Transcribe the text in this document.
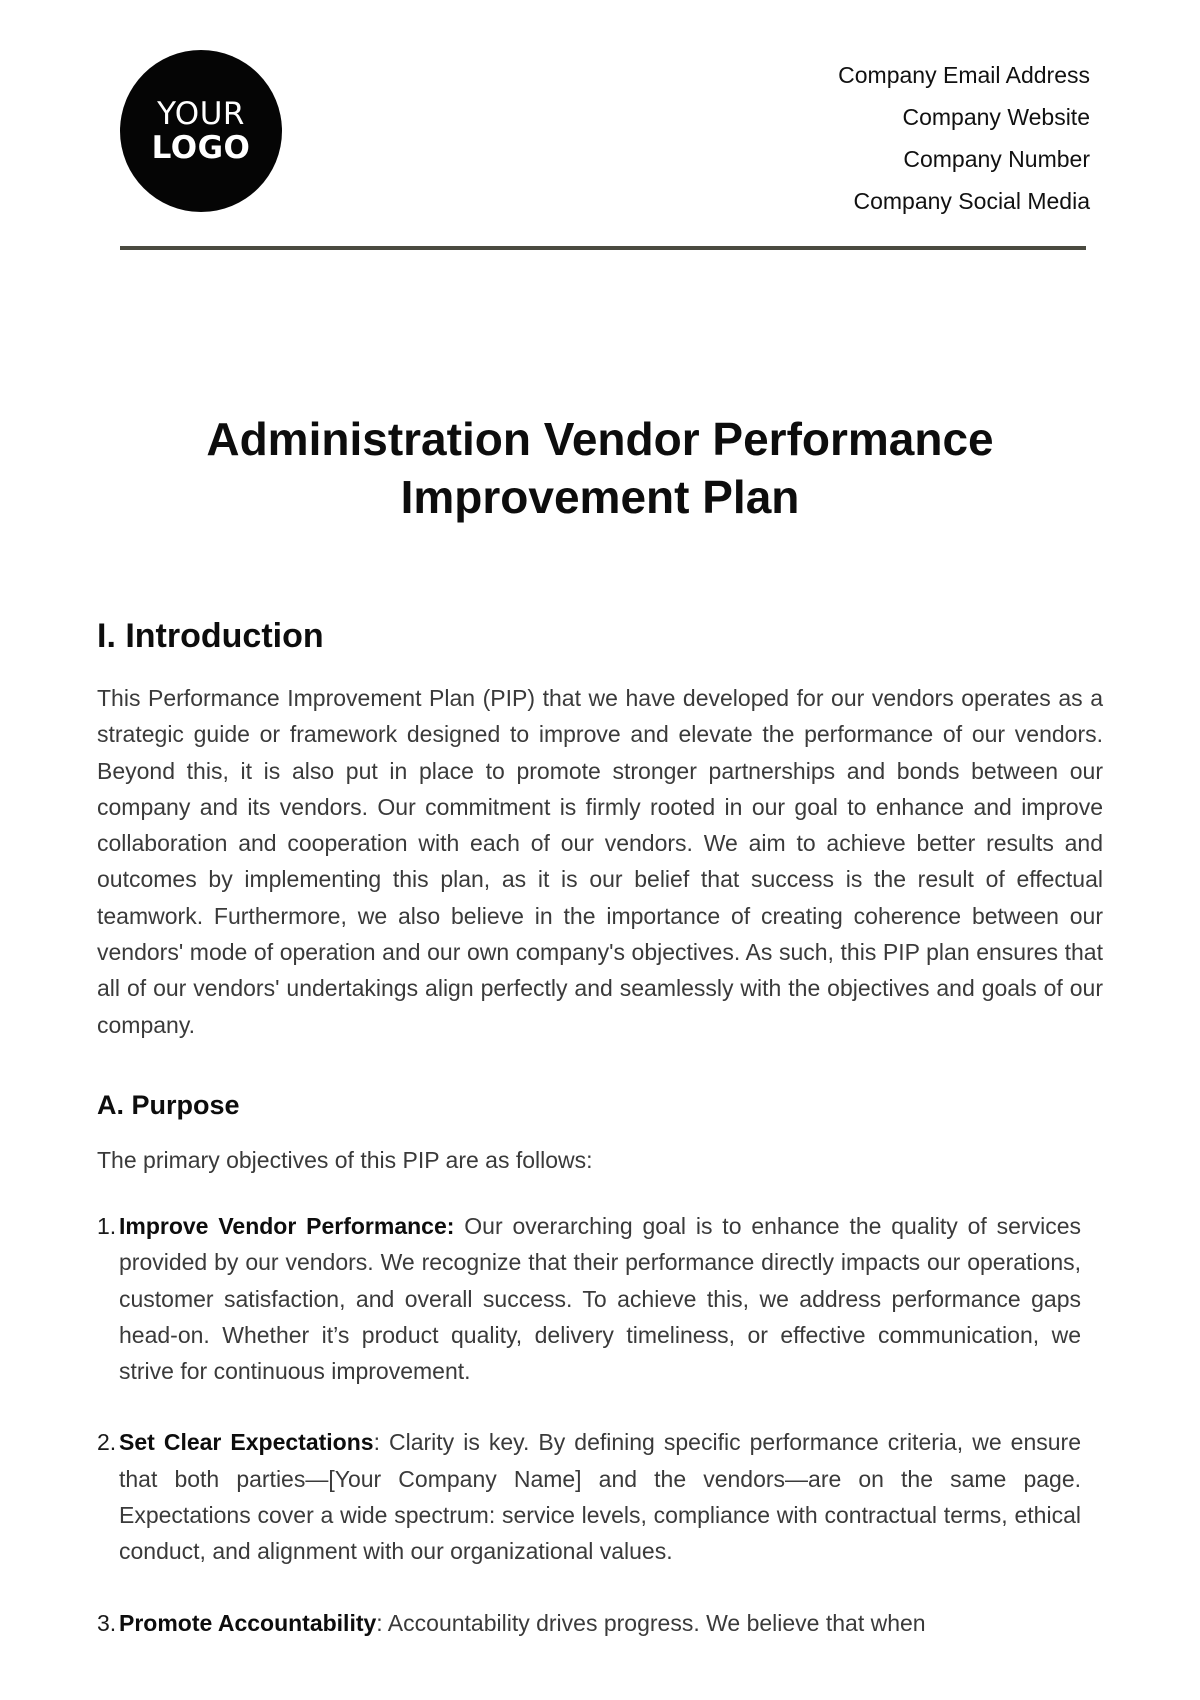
YOUR
LOGO
Company Email Address
Company Website
Company Number
Company Social Media
Administration Vendor Performance
Improvement Plan
I. Introduction

This Performance Improvement Plan (PIP) that we have developed for our vendors operates as a strategic guide or framework designed to improve and elevate the performance of our vendors. Beyond this, it is also put in place to promote stronger partnerships and bonds between our company and its vendors. Our commitment is firmly rooted in our goal to enhance and improve collaboration and cooperation with each of our vendors. We aim to achieve better results and outcomes by implementing this plan, as it is our belief that success is the result of effectual teamwork. Furthermore, we also believe in the importance of creating coherence between our vendors' mode of operation and our own company's objectives. As such, this PIP plan ensures that all of our vendors' undertakings align perfectly and seamlessly with the objectives and goals of our company.

A. Purpose

The primary objectives of this PIP are as follows:

1. Improve Vendor Performance: Our overarching goal is to enhance the quality of services provided by our vendors. We recognize that their performance directly impacts our operations, customer satisfaction, and overall success. To achieve this, we address performance gaps head-on. Whether it’s product quality, delivery timeliness, or effective communication, we strive for continuous improvement.
2. Set Clear Expectations: Clarity is key. By defining specific performance criteria, we ensure that both parties—[Your Company Name] and the vendors—are on the same page. Expectations cover a wide spectrum: service levels, compliance with contractual terms, ethical conduct, and alignment with our organizational values.
3. Promote Accountability: Accountability drives progress. We believe that when
